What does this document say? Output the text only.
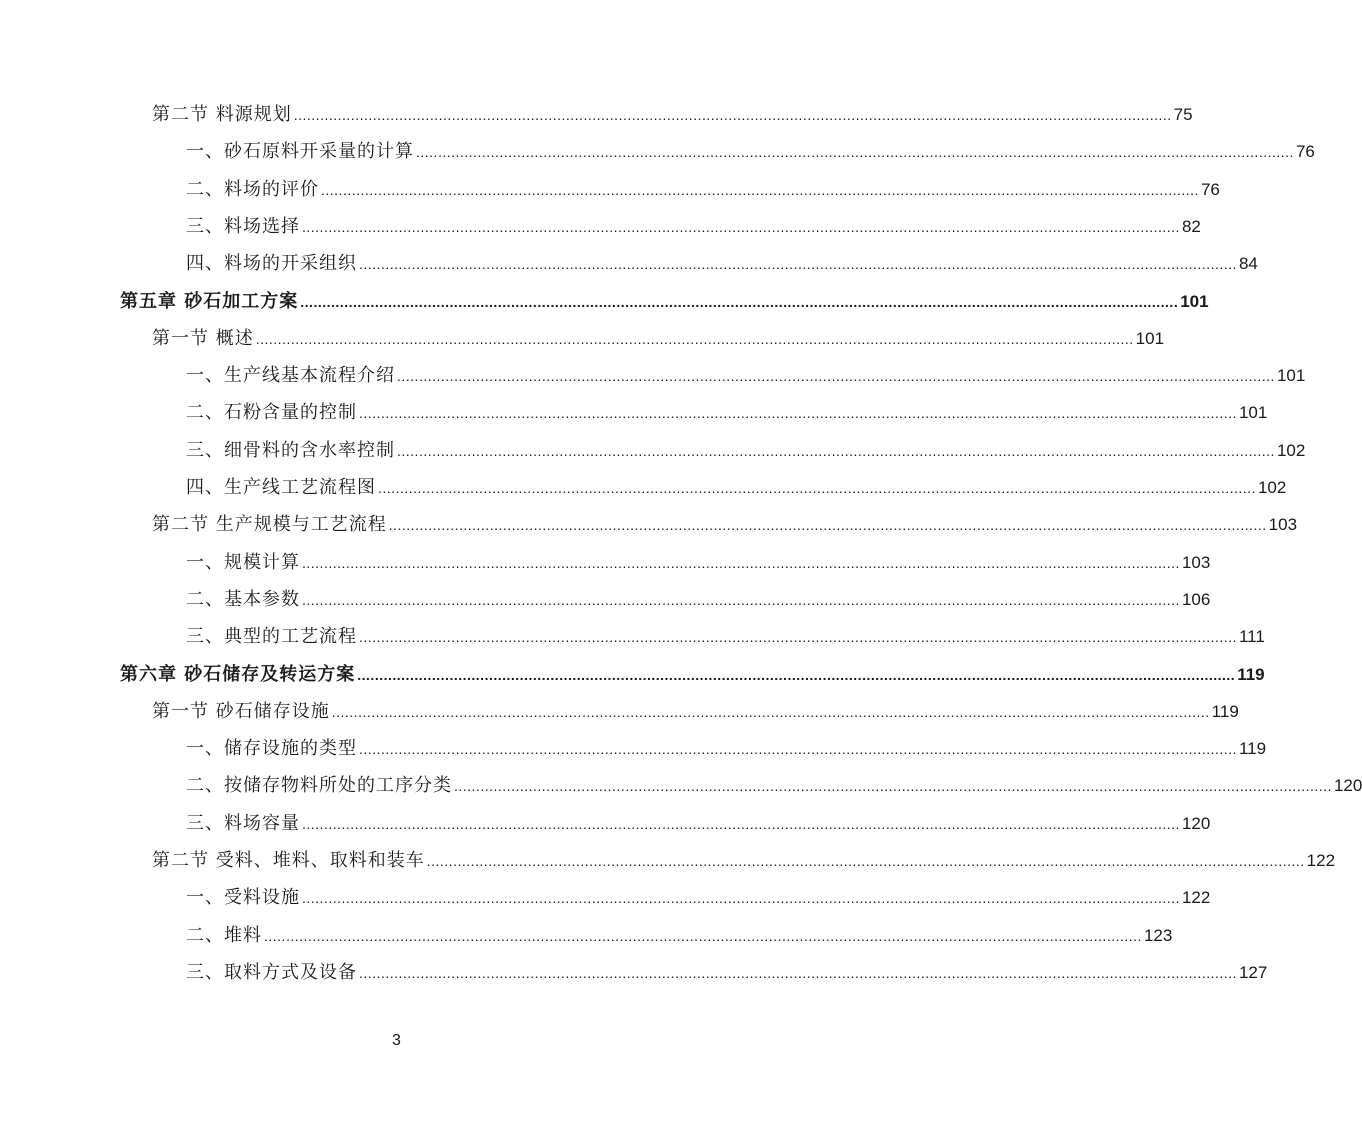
第二节 料源规划 ........................................................................................................................................................................................................ 75
一、砂石原料开采量的计算 ........................................................................................................................................................................................................ 76
二、料场的评价 ........................................................................................................................................................................................................ 76
三、料场选择 ........................................................................................................................................................................................................ 82
四、料场的开采组织 ........................................................................................................................................................................................................ 84
第五章 砂石加工方案 ........................................................................................................................................................................................................ 101
第一节 概述 ........................................................................................................................................................................................................ 101
一、生产线基本流程介绍 ........................................................................................................................................................................................................ 101
二、石粉含量的控制 ........................................................................................................................................................................................................ 101
三、细骨料的含水率控制 ........................................................................................................................................................................................................ 102
四、生产线工艺流程图 ........................................................................................................................................................................................................ 102
第二节 生产规模与工艺流程 ........................................................................................................................................................................................................ 103
一、规模计算 ........................................................................................................................................................................................................ 103
二、基本参数 ........................................................................................................................................................................................................ 106
三、典型的工艺流程 ........................................................................................................................................................................................................ 111
第六章 砂石储存及转运方案 ........................................................................................................................................................................................................ 119
第一节 砂石储存设施 ........................................................................................................................................................................................................ 119
一、储存设施的类型 ........................................................................................................................................................................................................ 119
二、按储存物料所处的工序分类 ........................................................................................................................................................................................................ 120
三、料场容量 ........................................................................................................................................................................................................ 120
第二节 受料、堆料、取料和装车 ........................................................................................................................................................................................................ 122
一、受料设施 ........................................................................................................................................................................................................ 122
二、堆料 ........................................................................................................................................................................................................ 123
三、取料方式及设备 ........................................................................................................................................................................................................ 127
3
